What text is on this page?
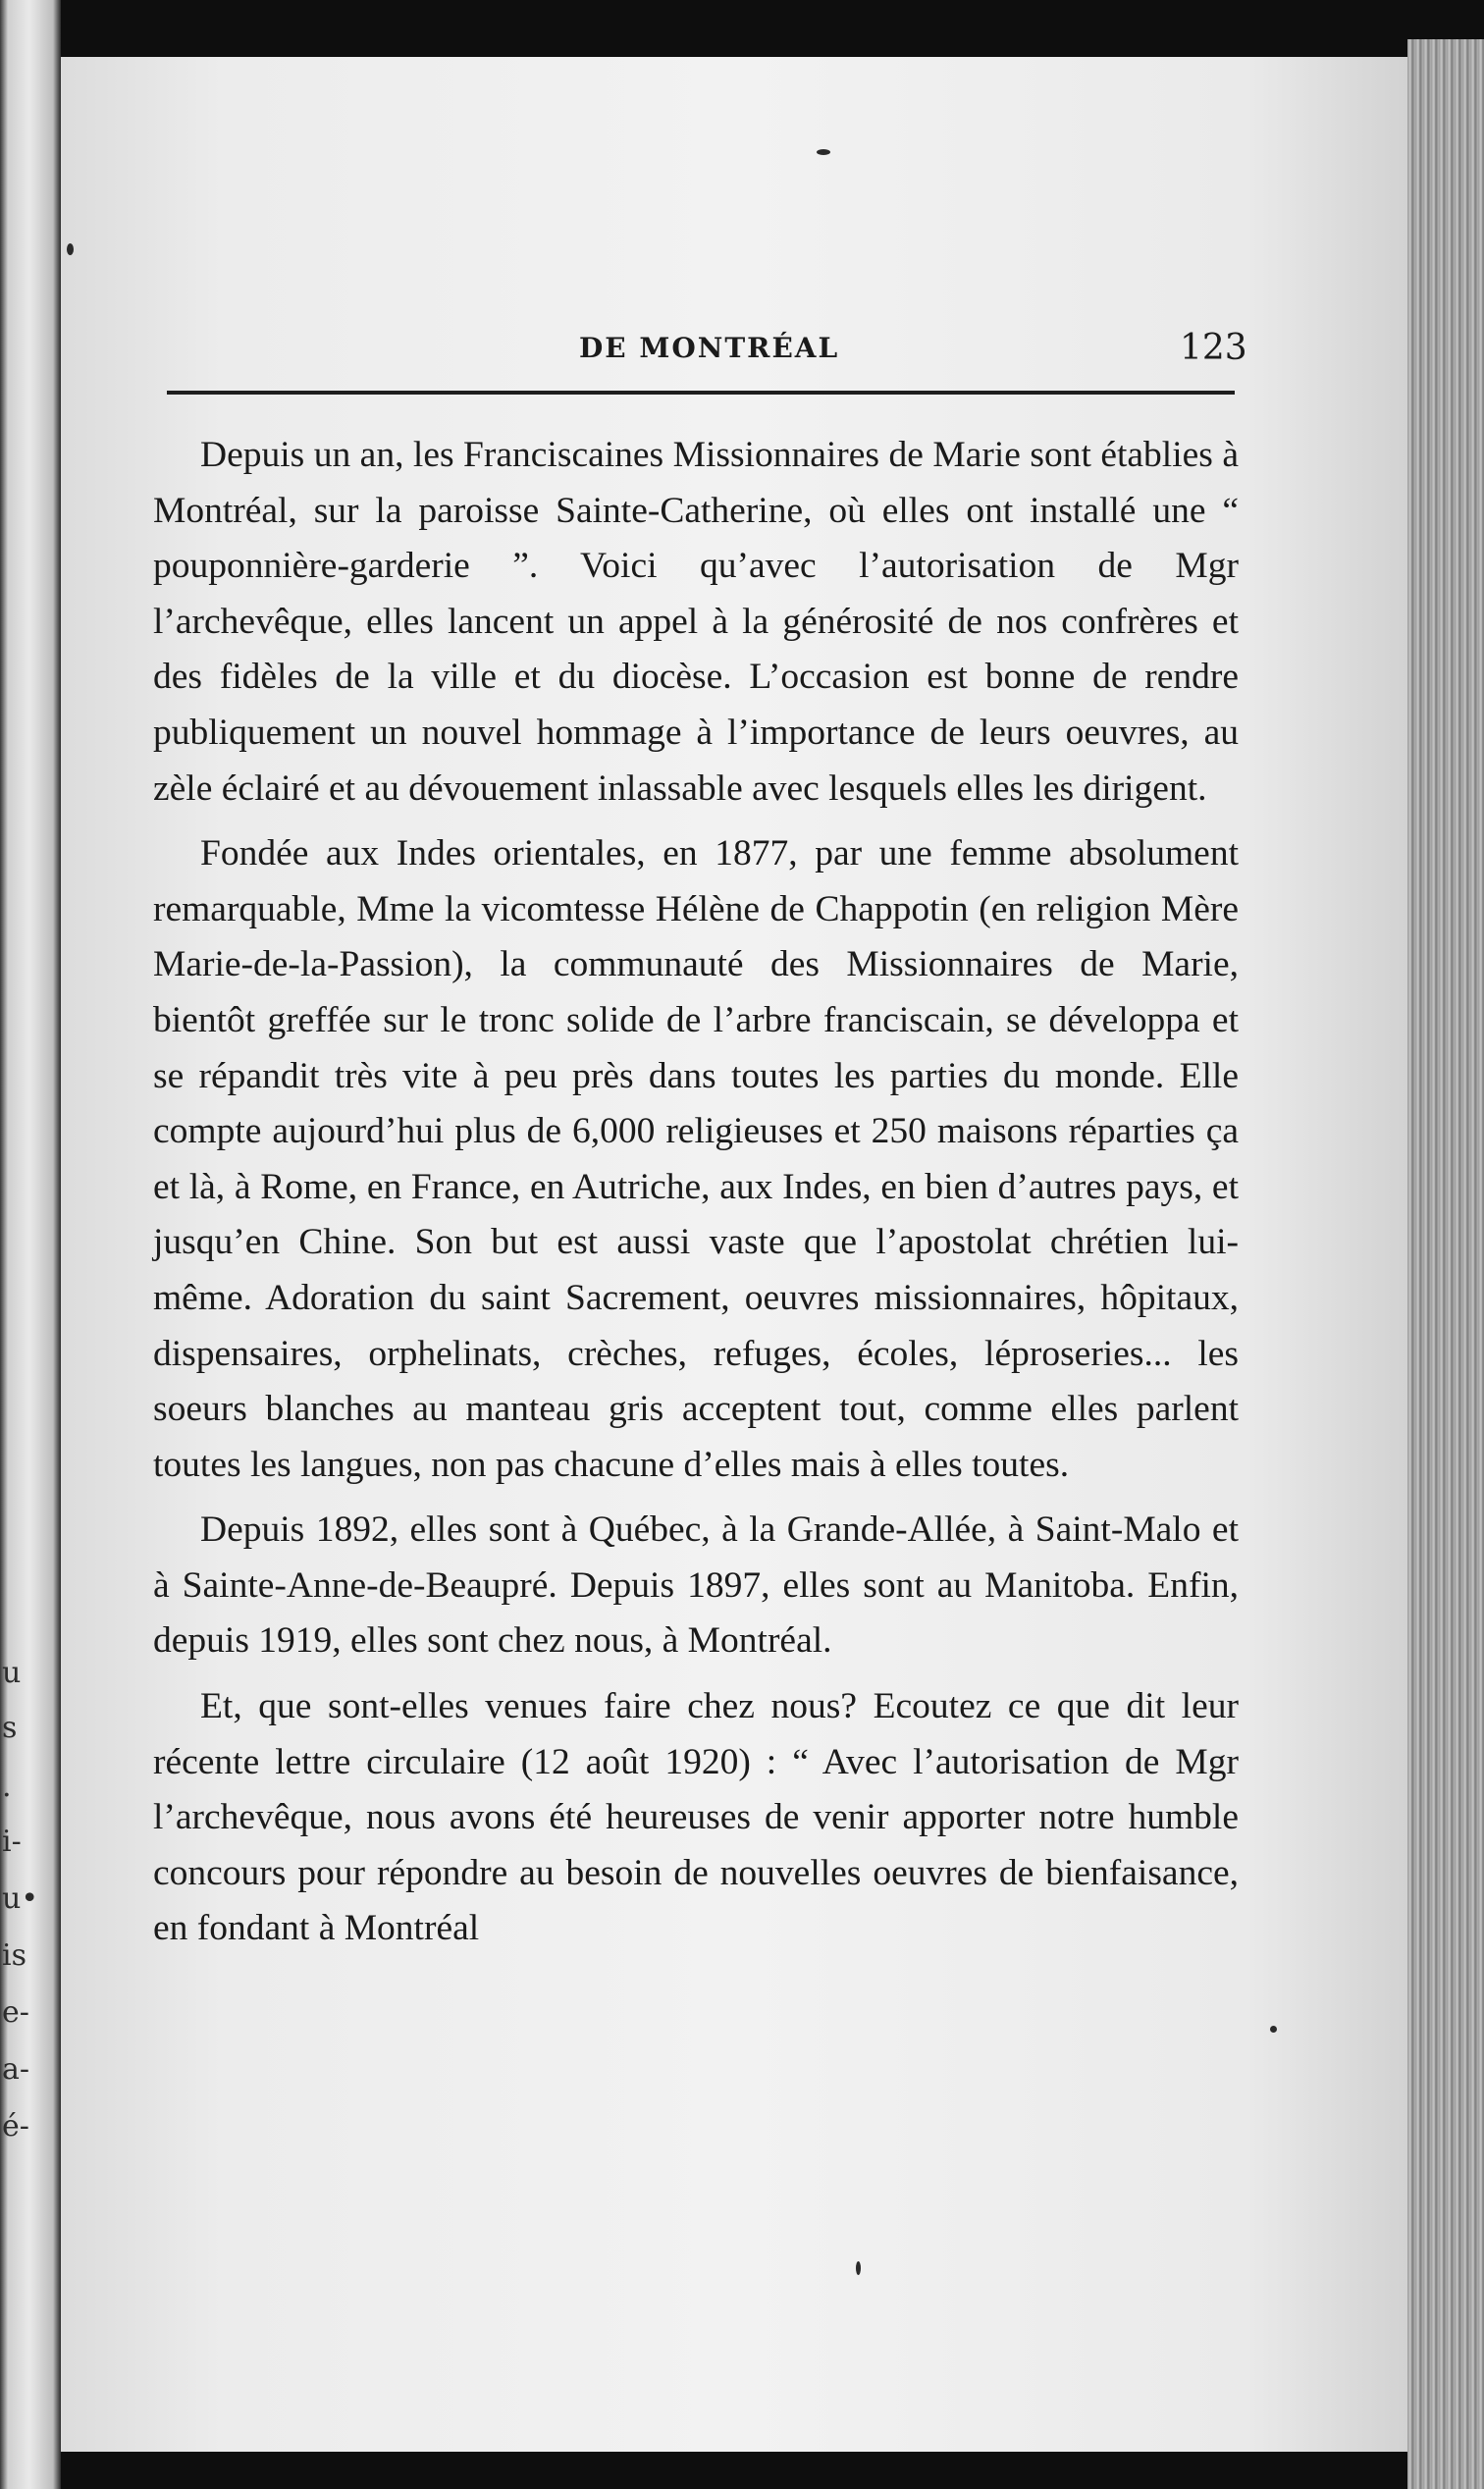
u
s
.
i-
u•
is
e-
a-
é-
DE MONTRÉAL	123

Depuis un an, les Franciscaines Missionnaires de Marie sont établies à Montréal, sur la paroisse Sainte-Catherine, où elles ont installé une “ pouponnière-garderie ”. Voici qu’avec l’autorisation de Mgr l’archevêque, elles lancent un appel à la générosité de nos confrères et des fidèles de la ville et du diocèse. L’occasion est bonne de rendre publiquement un nouvel hommage à l’importance de leurs oeuvres, au zèle éclairé et au dévouement inlassable avec lesquels elles les dirigent.

Fondée aux Indes orientales, en 1877, par une femme absolument remarquable, Mme la vicomtesse Hélène de Chappotin (en religion Mère Marie-de-la-Passion), la communauté des Missionnaires de Marie, bientôt greffée sur le tronc solide de l’arbre franciscain, se développa et se répandit très vite à peu près dans toutes les parties du monde. Elle compte aujourd’hui plus de 6,000 religieuses et 250 maisons réparties ça et là, à Rome, en France, en Autriche, aux Indes, en bien d’autres pays, et jusqu’en Chine. Son but est aussi vaste que l’apostolat chrétien lui-même. Adoration du saint Sacrement, oeuvres missionnaires, hôpitaux, dispensaires, orphelinats, crèches, refuges, écoles, léproseries... les soeurs blanches au manteau gris acceptent tout, comme elles parlent toutes les langues, non pas chacune d’elles mais à elles toutes.

Depuis 1892, elles sont à Québec, à la Grande-Allée, à Saint-Malo et à Sainte-Anne-de-Beaupré. Depuis 1897, elles sont au Manitoba. Enfin, depuis 1919, elles sont chez nous, à Montréal.

Et, que sont-elles venues faire chez nous? Ecoutez ce que dit leur récente lettre circulaire (12 août 1920) : “ Avec l’autorisation de Mgr l’archevêque, nous avons été heureuses de venir apporter notre humble concours pour répondre au besoin de nouvelles oeuvres de bienfaisance, en fondant à Montréal
